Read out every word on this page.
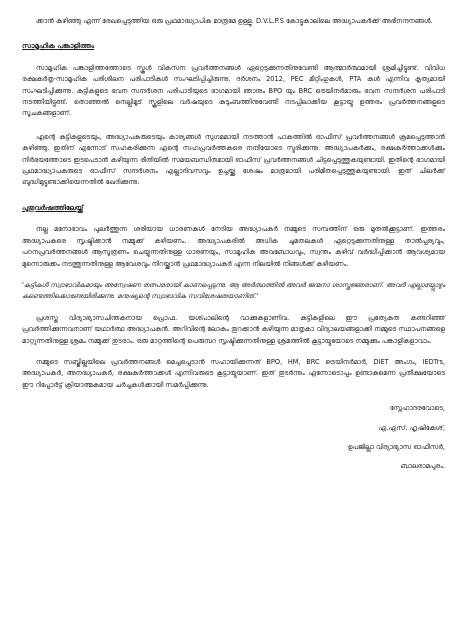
ക്കാൻ കഴിഞ്ഞു എന്ന് രേഖപ്പെടുത്തിയ ഒരു പ്രഥമാദ്ധ്യാപിക മാത്രമേ ഉള്ളൂ. D.V.L.P.S കോട്ടുകാലിലെ അദ്ധ്യാപകർക്ക് അഭിനന്ദനങ്ങൾ.

സാമൂഹിക പങ്കാളിത്തം

സാമൂഹിക പങ്കാളിത്തത്തോടെ സ്കൂൾ വികസന പ്രവർത്തനങ്ങൾ ഏറ്റെടുക്കുന്നതിനുവേണ്ടി ആത്മാർത്ഥമായി ശ്രമിച്ചിട്ടുണ്ട്. വിവിധ രക്ഷകർതൃ-സാമൂഹിക പരിശീലന പരിപാടികൾ സംഘടിപ്പിച്ചിരുന്നു. ദർശനം 2012, PEC മീറ്റിംഗുകൾ, PTA കൾ എന്നിവ കൃത്യമായി സംഘടിപ്പിക്കുന്നു. കുട്ടികളുടെ ഭവന സന്ദർശന പരിപാടിയുടെ ഭാഗമായി ഞാനും BPO യും BRC ട്രെയിനർമാരും ഭവന സന്ദർശന പരിപാടി നടത്തിയിട്ടുണ്ട്. തൊഞ്ഞൽ നെല്ലിമൂട് സ്കൂളിലെ വർഷയുടെ കുടുംബത്തിനുവേണ്ടി നടപ്പിലാക്കിയ കൂട്ടായ്മ ഉത്തരം പ്രവർത്തനങ്ങളുടെ സൂചകങ്ങളാണ്.

എന്റെ കുട്ടികളുടെയും, അദ്ധ്യാപകരുടെയും കാര്യങ്ങൾ സുഗമമായി നടത്താൻ പാകത്തിൽ ഓഫീസ് പ്രവർത്തനങ്ങൾ ക്രമപ്പെടുത്താൻ കഴിഞ്ഞു. ഇതിന് എന്നോട് സഹകരിക്കുന്ന എന്റെ സഹപ്രവർത്തകരെ നന്ദിയോടെ സ്മരിക്കുന്നു. അദ്ധ്യാപകർക്കും, രക്ഷകർത്താക്കൾക്കും നിർഭയത്തോടെ ഇടപെടാൻ കഴിയുന്ന രീതിയിൽ സമയബന്ധിതമായി ഓഫീസ് പ്രവർത്തനങ്ങൾ ചിട്ടപ്പെടുത്തുകയുണ്ടായി. ഇതിന്റെ ഭാഗമായി പ്രഥമാദ്ധ്യാപകരുടെ ഓഫീസ് സന്ദർശനം എല്ലാദിവസവും ഉച്ചയ്ക്കു ശേഷം മാത്രമായി പരിമിതപ്പെടുത്തുകയുണ്ടായി. ഇത് ചിലർക്ക് ബുദ്ധിമുട്ടുണ്ടാക്കിയെന്നതിൽ ഖേദിക്കുന്നു.

പുതുവർഷത്തിലേയ്ക്ക്

നല്ല മനോഭാവം പുലർത്തുന്ന ശരിയായ ധാരണകൾ നേടിയ അദ്ധ്യാപകർ നമ്മുടെ സമ്പത്തിന് ഒരു മുതൽക്കൂട്ടാണ്. ഇത്തരം അദ്ധ്യാപകരെ സൃഷ്ടിക്കാൻ നമ്മുക്ക് കഴിയണം. അദ്ധ്യാപകരിൽ അധിക ചുമതലകൾ ഏറ്റെടുക്കുന്നതിനുള്ള താൽപ്പര്യവും, പഠനപ്രവർത്തനങ്ങൾ ആസൂത്രണം ചെയ്യുന്നതിനുള്ള ധാരണയും, സാമൂഹിക അവബോധവും, സ്വന്തം കഴിവ് വർദ്ധിപ്പിക്കാൻ ആവശ്യമായ മുന്നൊരുക്കം നടത്തുന്നതിനുള്ള ആവേശവും നിറയ്ക്കാൻ പ്രഥമാദ്ധ്യാപകർ എന്ന നിലയിൽ നിങ്ങൾക്ക് കഴിയണം.

'കുട്ടികൾ സ്വാഭാവികമായും അന്വേഷണ തത്പരരായി കാണപ്പെടുന്നു. ആ അർത്ഥത്തിൽ അവർ ജന്മനാ ശാസ്ത്രജ്ഞരാണ്. അവർ എല്ലായ്പ്പോഴും കണ്ടെത്തിക്കൊണ്ടേയിരിക്കുന്നു. മനുഷ്യന്റെ സ്വാഭാവിക സവിശേഷതയാണിത്.'

പ്രശസ്ത വിദ്യാഭ്യാസചിന്തകനായ പ്രൊഫ. യശ്പാലിന്റെ വാക്കുകളാണിവ. കുട്ടികളിലെ ഈ പ്രത്യേകത കണ്ടറിഞ്ഞ് പ്രവർത്തിക്കുന്നവനാണ് യഥാർത്ഥ അദ്ധ്യാപകൻ. അറിവിന്റെ ലോകം തുറക്കാൻ കഴിയുന്ന മാതൃകാ വിദ്യാലയങ്ങളാക്കി നമ്മുടെ സ്ഥാപനങ്ങളെ മാറ്റുന്നതിനുള്ള ശ്രമം നമ്മുക്ക് തുടരാം. ഒരു മാറ്റത്തിന്റെ പെരുമ്പറ സൃഷ്ടിക്കുന്നതിനുള്ള ശ്രമത്തിൽ കൂട്ടായ്മയോടെ നമ്മുക്കും പങ്കാളികളാവാം.

നമ്മുടെ സബ്ജില്ലയിലെ പ്രവർത്തനങ്ങൾ മെച്ചപ്പെടാൻ സഹായിക്കുന്നത് BPO, HM, BRC ട്രെയിനർമാർ, DIET അംഗം, IEDTrs, അദ്ധ്യാപകർ, അനദ്ധ്യാപകർ, രക്ഷകർത്താക്കൾ എന്നിവരുടെ കൂട്ടായ്മയാണ്. ഇത് തുടർന്നും എന്നോടൊപ്പം ഉണ്ടാകുമെന്ന പ്രതീക്ഷയോടെ ഈ റിപ്പോർട്ട് ക്രിയാത്മകമായ ചർച്ചകൾക്കായി സമർപ്പിക്കുന്നു.

സ്നേഹാദരവോടെ,

എ.എസ്. ഹൃഷികേശ്,

ഉപജില്ലാ വിദ്യാഭ്യാസ ഓഫീസർ,

ബാലരാമപുരം.
